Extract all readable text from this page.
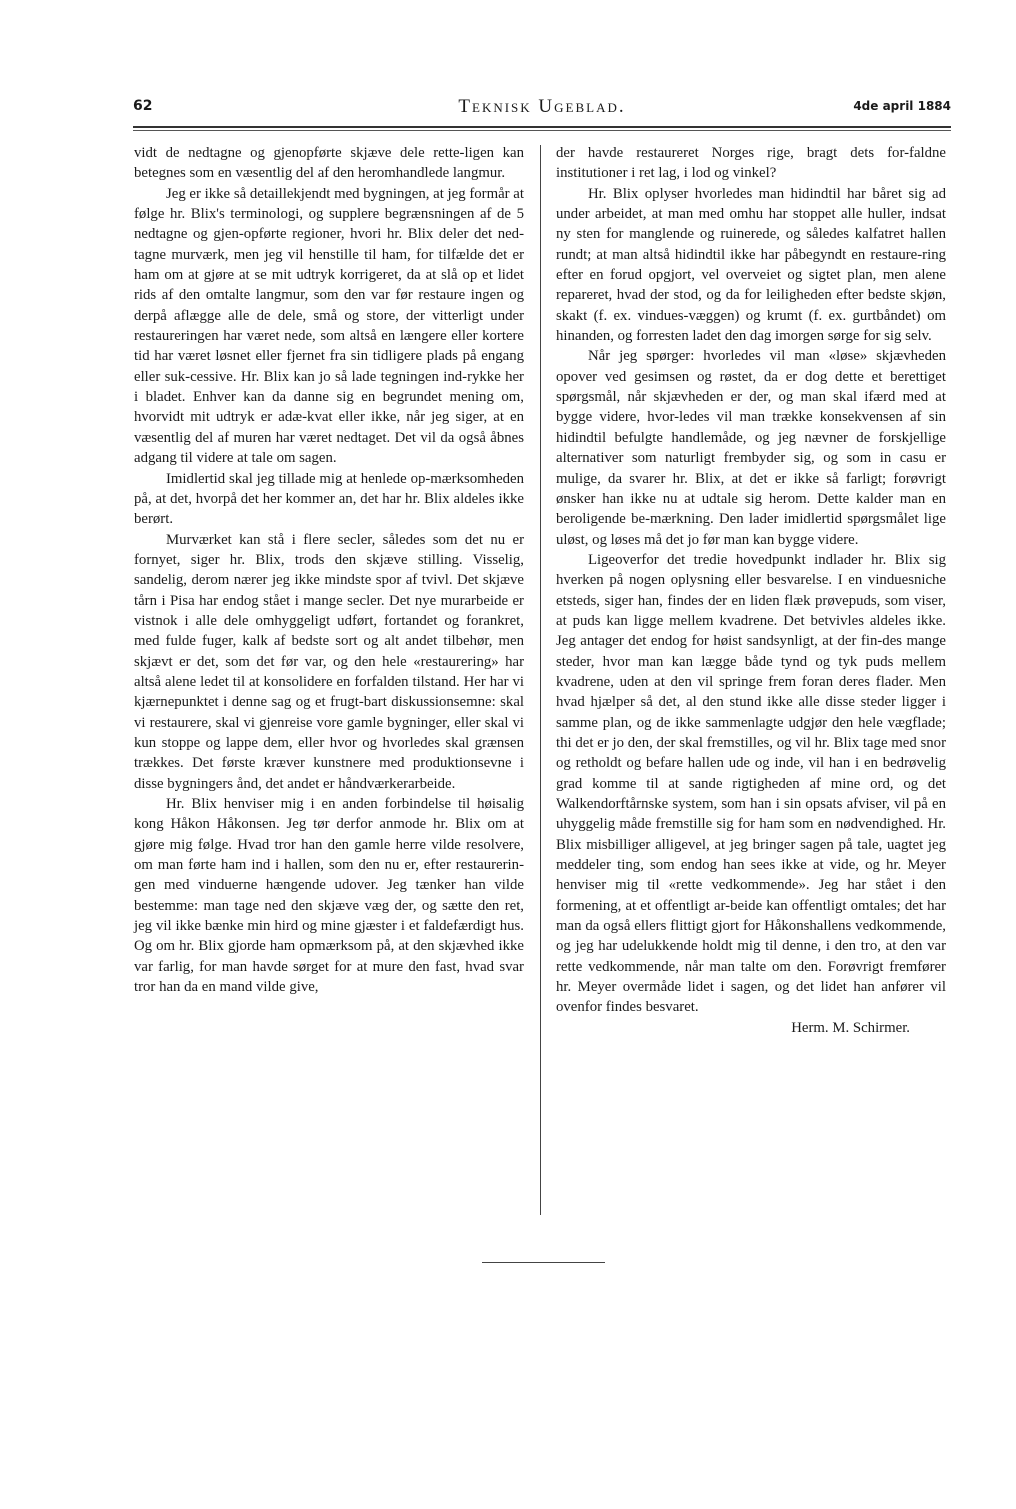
62	Teknisk Ugeblad.	4de april 1884

vidt de nedtagne og gjenopførte skjæve dele rette-ligen kan betegnes som en væsentlig del af den heromhandlede langmur.

Jeg er ikke så detaillekjendt med bygningen, at jeg formår at følge hr. Blix's terminologi, og supplere begrænsningen af de 5 nedtagne og gjen-opførte regioner, hvori hr. Blix deler det ned-tagne murværk, men jeg vil henstille til ham, for tilfælde det er ham om at gjøre at se mit udtryk korrigeret, da at slå op et lidet rids af den omtalte langmur, som den var før restaure ingen og derpå aflægge alle de dele, små og store, der vitterligt under restaureringen har været nede, som altså en længere eller kortere tid har været løsnet eller fjernet fra sin tidligere plads på engang eller suk-cessive. Hr. Blix kan jo så lade tegningen ind-rykke her i bladet. Enhver kan da danne sig en begrundet mening om, hvorvidt mit udtryk er adæ-kvat eller ikke, når jeg siger, at en væsentlig del af muren har været nedtaget. Det vil da også åbnes adgang til videre at tale om sagen.

Imidlertid skal jeg tillade mig at henlede op-mærksomheden på, at det, hvorpå det her kommer an, det har hr. Blix aldeles ikke berørt.

Murværket kan stå i flere secler, således som det nu er fornyet, siger hr. Blix, trods den skjæve stilling. Visselig, sandelig, derom nærer jeg ikke mindste spor af tvivl. Det skjæve tårn i Pisa har endog stået i mange secler. Det nye murarbeide er vistnok i alle dele omhyggeligt udført, fortandet og forankret, med fulde fuger, kalk af bedste sort og alt andet tilbehør, men skjævt er det, som det før var, og den hele «restaurering» har altså alene ledet til at konsolidere en forfalden tilstand. Her har vi kjærnepunktet i denne sag og et frugt-bart diskussionsemne: skal vi restaurere, skal vi gjenreise vore gamle bygninger, eller skal vi kun stoppe og lappe dem, eller hvor og hvorledes skal grænsen trækkes. Det første kræver kunstnere med produktionsevne i disse bygningers ånd, det andet er håndværkerarbeide.

Hr. Blix henviser mig i en anden forbindelse til høisalig kong Håkon Håkonsen. Jeg tør derfor anmode hr. Blix om at gjøre mig følge. Hvad tror han den gamle herre vilde resolvere, om man førte ham ind i hallen, som den nu er, efter restaurerin-gen med vinduerne hængende udover. Jeg tænker han vilde bestemme: man tage ned den skjæve væg der, og sætte den ret, jeg vil ikke bænke min hird og mine gjæster i et faldefærdigt hus. Og om hr. Blix gjorde ham opmærksom på, at den skjævhed ikke var farlig, for man havde sørget for at mure den fast, hvad svar tror han da en mand vilde give,

der havde restaureret Norges rige, bragt dets for-faldne institutioner i ret lag, i lod og vinkel?

Hr. Blix oplyser hvorledes man hidindtil har båret sig ad under arbeidet, at man med omhu har stoppet alle huller, indsat ny sten for manglende og ruinerede, og således kalfatret hallen rundt; at man altså hidindtil ikke har påbegyndt en restaure-ring efter en forud opgjort, vel overveiet og sigtet plan, men alene repareret, hvad der stod, og da for leiligheden efter bedste skjøn, skakt (f. ex. vindues-væggen) og krumt (f. ex. gurtbåndet) om hinanden, og forresten ladet den dag imorgen sørge for sig selv.

Når jeg spørger: hvorledes vil man «løse» skjævheden opover ved gesimsen og røstet, da er dog dette et berettiget spørgsmål, når skjævheden er der, og man skal ifærd med at bygge videre, hvor-ledes vil man trække konsekvensen af sin hidindtil befulgte handlemåde, og jeg nævner de forskjellige alternativer som naturligt frembyder sig, og som in casu er mulige, da svarer hr. Blix, at det er ikke så farligt; forøvrigt ønsker han ikke nu at udtale sig herom. Dette kalder man en beroligende be-mærkning. Den lader imidlertid spørgsmålet lige uløst, og løses må det jo før man kan bygge videre.

Ligeoverfor det tredie hovedpunkt indlader hr. Blix sig hverken på nogen oplysning eller besvarelse. I en vinduesniche etsteds, siger han, findes der en liden flæk prøvepuds, som viser, at puds kan ligge mellem kvadrene. Det betvivles aldeles ikke. Jeg antager det endog for høist sandsynligt, at der fin-des mange steder, hvor man kan lægge både tynd og tyk puds mellem kvadrene, uden at den vil springe frem foran deres flader. Men hvad hjælper så det, al den stund ikke alle disse steder ligger i samme plan, og de ikke sammenlagte udgjør den hele vægflade; thi det er jo den, der skal fremstilles, og vil hr. Blix tage med snor og retholdt og befare hallen ude og inde, vil han i en bedrøvelig grad komme til at sande rigtigheden af mine ord, og det Walkendorftårnske system, som han i sin opsats afviser, vil på en uhyggelig måde fremstille sig for ham som en nødvendighed. Hr. Blix misbilliger alligevel, at jeg bringer sagen på tale, uagtet jeg meddeler ting, som endog han sees ikke at vide, og hr. Meyer henviser mig til «rette vedkommende». Jeg har stået i den formening, at et offentligt ar-beide kan offentligt omtales; det har man da også ellers flittigt gjort for Håkonshallens vedkommende, og jeg har udelukkende holdt mig til denne, i den tro, at den var rette vedkommende, når man talte om den. Forøvrigt fremfører hr. Meyer overmåde lidet i sagen, og det lidet han anfører vil ovenfor findes besvaret.

Herm. M. Schirmer.
